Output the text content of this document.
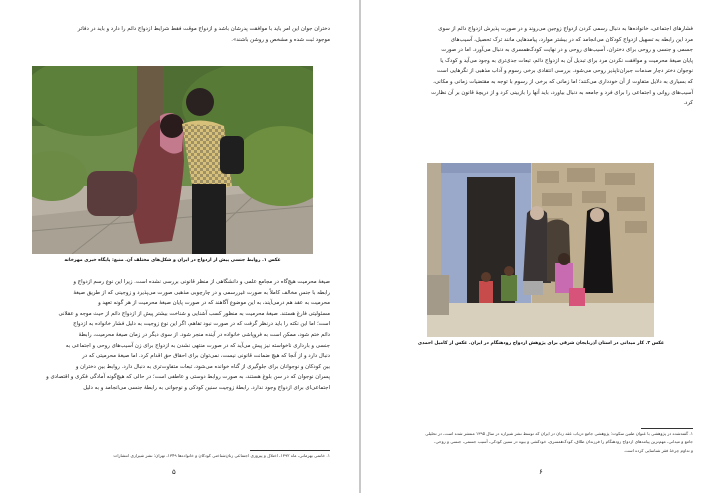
دختران جوان این امر باید با موافقت پدرشان باشد و ازدواج موقت فقط شرایط ازدواج دائم را دارد و باید در دفاتر
موجود ثبت شده و مشخص و روشن باشند».
عکس ۱. روابط جنسی پیش از ازدواج در ایران و شکل‌های مختلف آن. منبع: پایگاه خبری مهرخانه
صیغهٔ محرمیت هیچ‌گاه در مجامع علمی و دانشگاهی از منظر قانونی بررسی نشده است. زیرا این نوع رسم ازدواج و
رابطه با جنس مخالف کاملاً به صورت غیررسمی و در چارچوبی مذهبی صورت می‌پذیرد و زوجینی که از طریق صیغهٔ
محرمیت به عقد هم درمی‌آیند، به این موضوع آگاهند که در صورت پایان صیغهٔ محرمیت از هر گونه تعهد و
مسئولیتی فارغ هستند. صیغهٔ محرمیت به منظور کسب آشنایی و شناخت بیشتر پیش از ازدواج دائم از حیث موجه و عقلانی
است؛ اما این نکته را باید درنظر گرفت که در صورت نبود تفاهم، اگر این نوع زوجیت به دلیل فشار خانواده به ازدواج
دائم ختم شود، ممکن است به فروپاشی خانواده در آینده منجر شود. از سوی دیگر در زمان صیغهٔ محرمیت، رابطهٔ
جنسی و بارداری ناخواسته نیز پیش می‌آید که در صورت منتهی نشدن به ازدواج برای زن آسیب‌های روحی و اجتماعی به
دنبال دارد و از آنجا که هیچ ضمانت قانونی نیست، نمی‌توان برای احقاق حق اقدام کرد. اما صیغهٔ محرمیتی که در
بین کودکان و نوجوانان برای جلوگیری از گناه خوانده می‌شود، تبعات متفاوت‌تری به دنبال دارد. روابط بین دختران و
پسران نوجوان که در سن بلوغ هستند، به صورت روابط دوستی و عاطفی است؛ در حالی که هیچ‌گونه آمادگی فکری و اقتصادی و
اجتماعی‌ای برای ازدواج وجود ندارد. رابطهٔ زوجیت سنین کودکی و نوجوانی به رابطهٔ جنسی می‌انجامد و به دلیل
۱. خانمی بهرمانی، ماه ۱۳۹۲، اختلال و پیروزی اجتماعی زنان‌شناختی کودکان و خانواده‌ها ۱۳۴۹، تهران: نشر شیرازی انتشارات
۵
فشارهای اجتماعی، خانواده‌ها به دنبال رسمی کردن ازدواج زوجین می‌روند و در صورت پذیرش ازدواج دائم از سوی
مرد این رابطه به تسهیل ازدواج کودکان می‌انجامد که در بیشتر موارد، پیامدهایی مانند ترک تحصیل، آسیب‌های
جسمی و جنسی و روحی برای دختران، آسیب‌های روحی و در نهایت کودک‌همسری به دنبال می‌آورد. اما در صورت
پایان صیغهٔ محرمیت و موافقت نکردن مرد برای تبدیل آن به ازدواج دائم، تبعات جدی‌تری به وجود می‌آید و کودک یا
نوجوان دختر دچار صدمات جبران‌ناپذیر روحی می‌شود. بررسی انتقادی برخی رسوم و آداب مذهبی از نگرهایی است
که بسیاری به دلایل متفاوت از آن خودداری می‌کنند؛ اما زمانی که برخی از رسوم با توجه به مقتضیات زمانی و مکانی،
آسیب‌های روانی و اجتماعی را برای فرد و جامعه به دنبال بیاورد، باید آنها را بازبینی کرد و از دریچهٔ قانون بر آن نظارت
کرد.
عکس ۲. کار میدانی در استان آذربایجان شرقی برای پژوهش ازدواج زودهنگام در ایران. عکس از کامیل احمدی
۱. گفته‌شده در پژوهشی با عنوان طنین سکوت: پژوهشی جامع درباب عقد زنان در ایران که توسط نشر شیرازه در سال ۱۳۹۵ منتشر شده است، در تحلیلی
جامع و میدانی، مهم‌ترین پیامدهای ازدواج زودهنگام را فرزندان طلاق، کودک‌همسری، خودکشی و بیوه در سنین کودکی، آسیب جسمی، جنسی و روحی،
و تداوم چرخهٔ فقر شناسایی کرده است.
۶
